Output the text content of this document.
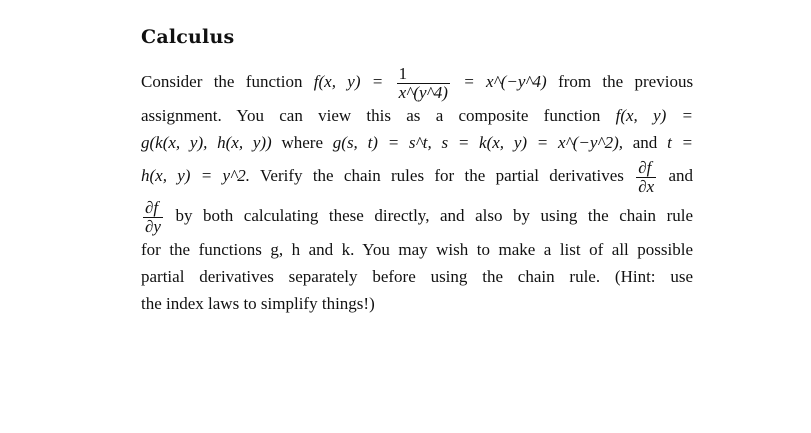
Calculus
Consider the function f(x, $y) = \frac{1}{x\^{}(y\^{}4)}$ = x^(−y^4) from the previous
assignment. You can view this as a composite function f(x, y) =
g(k(x, y), h(x, y)) where g(s, t) = s^t, s = k(x, y) = x^(−y^2), and t =
h(x, y) = y^2. Verify the chain rules for the partial derivatives $\frac{\partial f}{\partial x}$ and
$\frac{\partial f}{\partial y}$ by both calculating these directly, and also by using the chain rule
for the functions g, h and k. You may wish to make a list of all possible
partial derivatives separately before using the chain rule. (Hint: use
the index laws to simplify things!)
